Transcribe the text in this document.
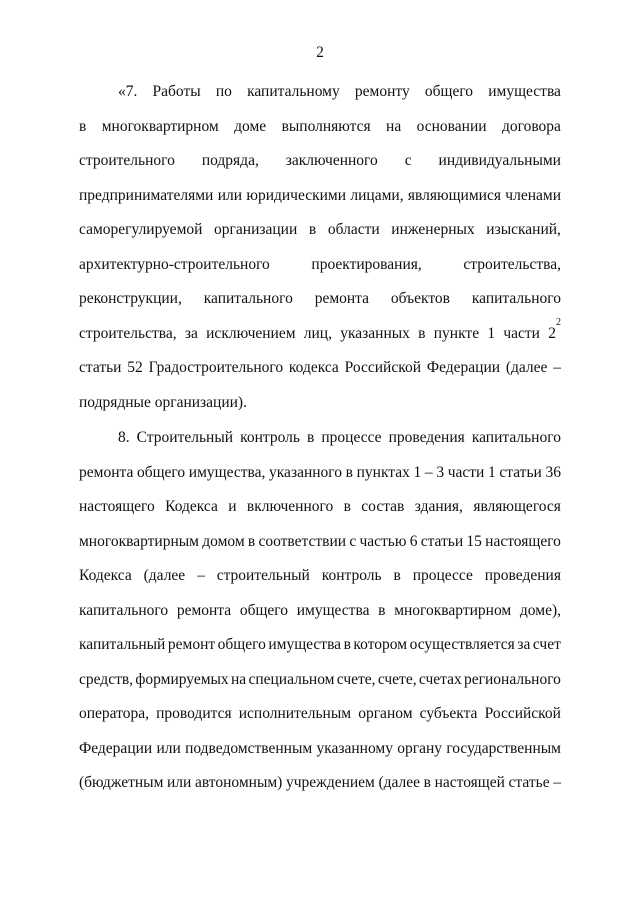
2
«7. Работы по капитальному ремонту общего имущества
в многоквартирном доме выполняются на основании договора
строительного подряда, заключенного с индивидуальными
предпринимателями или юридическими лицами, являющимися членами
саморегулируемой организации в области инженерных изысканий,
архитектурно-строительного	проектирования,	строительства,
реконструкции, капитального ремонта объектов капитального
строительства, за исключением лиц, указанных в пункте 1 части 2
$^2$
статьи 52 Градостроительного кодекса Российской Федерации (далее –
подрядные организации).
8. Строительный контроль в процессе проведения капитального
ремонта общего имущества, указанного в пунктах 1 – 3 части 1 статьи 36
настоящего Кодекса и включенного в состав здания, являющегося
многоквартирным домом в соответствии с частью 6 статьи 15 настоящего
Кодекса (далее – строительный контроль в процессе проведения
капитального ремонта общего имущества в многоквартирном доме),
капитальный ремонт общего имущества в котором осуществляется за счет
средств, формируемых на специальном счете, счете, счетах регионального
оператора, проводится исполнительным органом субъекта Российской
Федерации или подведомственным указанному органу государственным
(бюджетным или автономным) учреждением (далее в настоящей статье –
